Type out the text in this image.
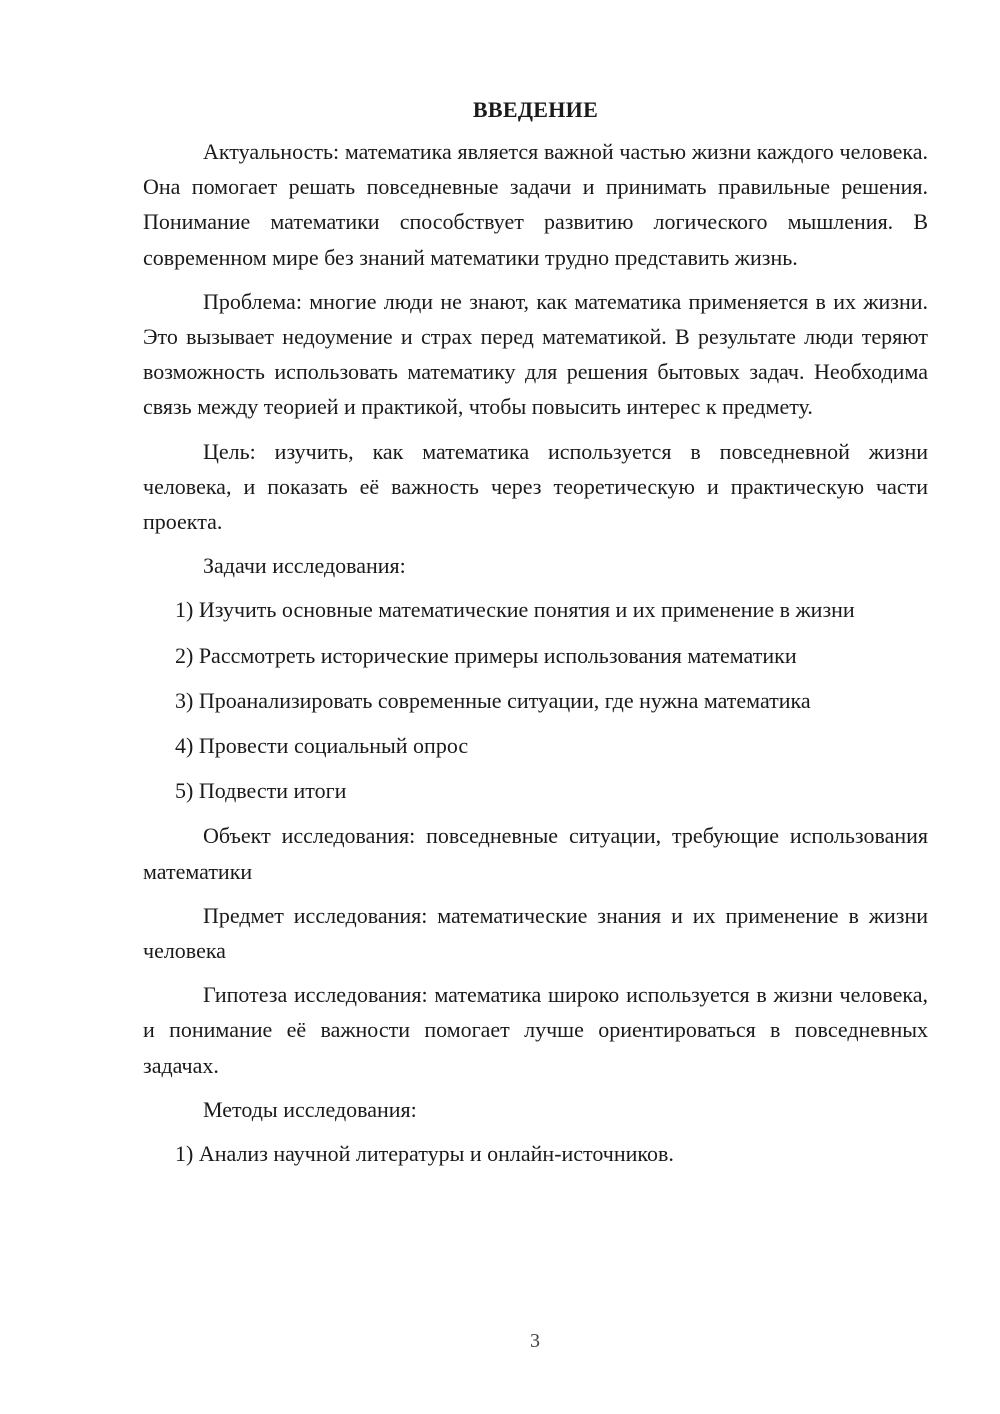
ВВЕДЕНИЕ

Актуальность: математика является важной частью жизни каждого человека. Она помогает решать повседневные задачи и принимать правильные решения. Понимание математики способствует развитию логического мышления. В современном мире без знаний математики трудно представить жизнь.

Проблема: многие люди не знают, как математика применяется в их жизни. Это вызывает недоумение и страх перед математикой. В результате люди теряют возможность использовать математику для решения бытовых задач. Необходима связь между теорией и практикой, чтобы повысить интерес к предмету.

Цель: изучить, как математика используется в повседневной жизни человека, и показать её важность через теоретическую и практическую части проекта.

Задачи исследования:

1) Изучить основные математические понятия и их применение в жизни

2) Рассмотреть исторические примеры использования математики

3) Проанализировать современные ситуации, где нужна математика

4) Провести социальный опрос

5) Подвести итоги

Объект исследования: повседневные ситуации, требующие использования математики

Предмет исследования: математические знания и их применение в жизни человека

Гипотеза исследования: математика широко используется в жизни человека, и понимание её важности помогает лучше ориентироваться в повседневных задачах.

Методы исследования:

1) Анализ научной литературы и онлайн-источников.

3
